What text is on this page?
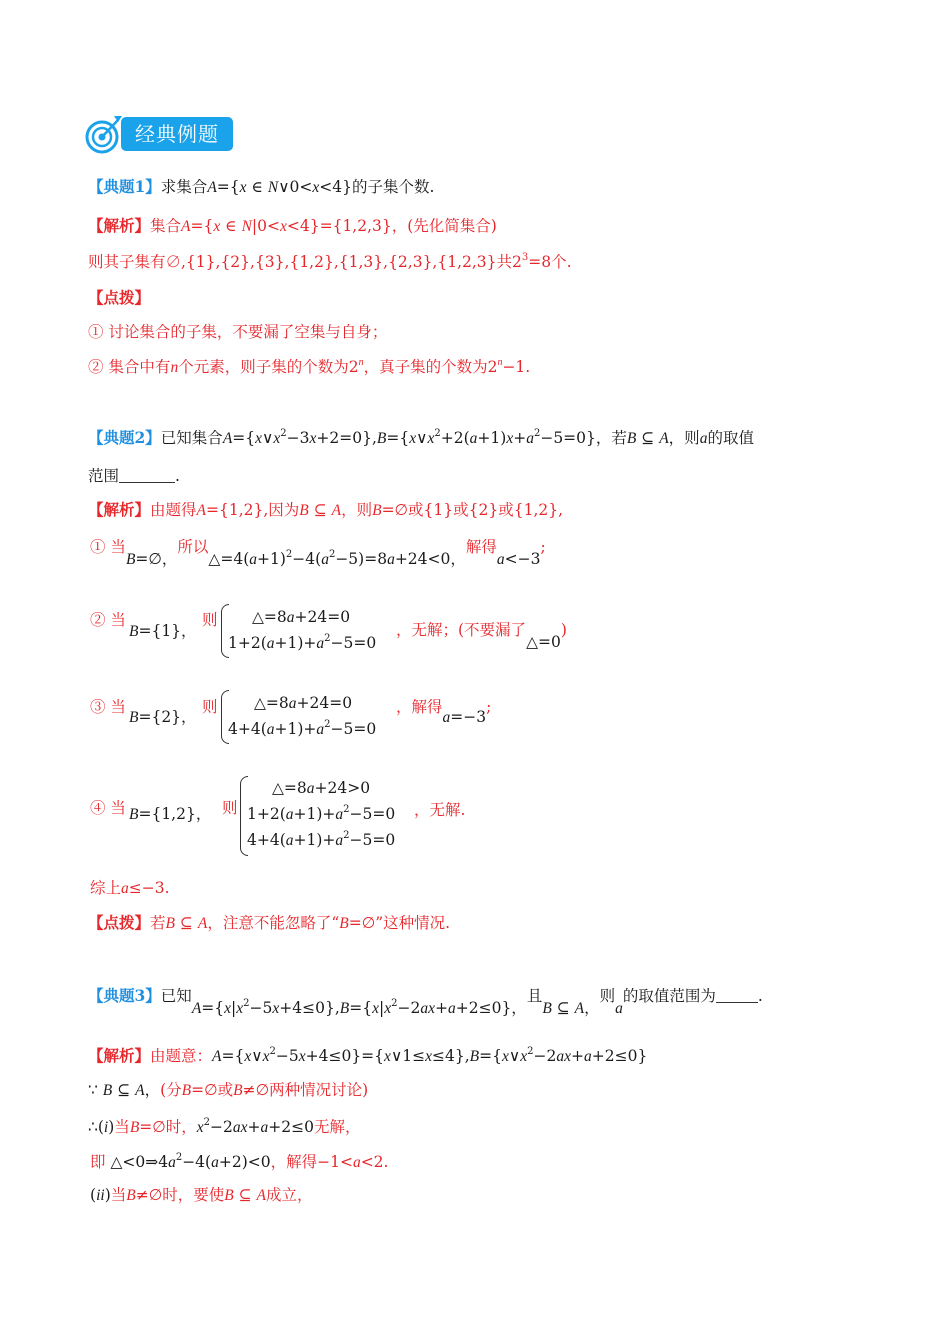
经典例题
【典题1】求集合A={x ∈ N∨0<x<4}的子集个数.
【解析】集合A={x ∈ N|0<x<4}={1,2,3}，(先化简集合)
则其子集有∅,{1},{2},{3},{1,2},{1,3},{2,3},{1,2,3}共$2^3=8$个.
【点拨】
① 讨论集合的子集，不要漏了空集与自身；
② 集合中有n个元素，则子集的个数为2$^n$，真子集的个数为$2^n-1$.
【典题2】已知集合$A=\{x\vee x^2-3x+2=0\},B=\{x\vee x^2+2(a+1)x+a^2-5=0\}$，若B ⊆ A，则a的取值
范围	.
【解析】由题得A={1,2},因为B ⊆ A，则B=∅或{1}或{2}或{1,2},
① 当B=∅，所以$\triangle=4(a+1)^2-4(a^2-5)=8a+24<0$，解得a<−3;
② 当
B={1}，
则 △=8a+24=0
$1+2(a+1)+a^2-5=0$
，无解；(不要漏了△=0)
③ 当
B={2}，
则 △=8a+24=0
$4+4(a+1)+a^2-5=0$
，解得a=−3;
④ 当 B={1,2}， 则
△=8a+24>0
$1+2(a+1)+a^2-5=0$
$4+4(a+1)+a^2-5=0$
，无解.
综上a≤−3.
【点拨】若B ⊆ A，注意不能忽略了“B=∅”这种情况.
【典题3】已知$A=\{x|x^2-5x+4\le 0\},B=\{x|x^2-2ax+a+2\le 0\}$，且B ⊆ A，则a的取值范围为	.
【解析】由题意：$A=\{x\vee x^2-5x+4\le 0\}=\{x\vee 1\le x\le 4\},B=\{x\vee x^2-2ax+a+2\le 0\}$
∵ B ⊆ A，(分B=∅或B≠∅两种情况讨论)
∴(i)当B=∅时，$x^2-2ax+a+2\le 0$无解，
即 $\triangle<0\Rightarrow 4a^2-4(a+2)<0$，解得−1<a<2.
(ii)当B≠∅时，要使B ⊆ A成立，
